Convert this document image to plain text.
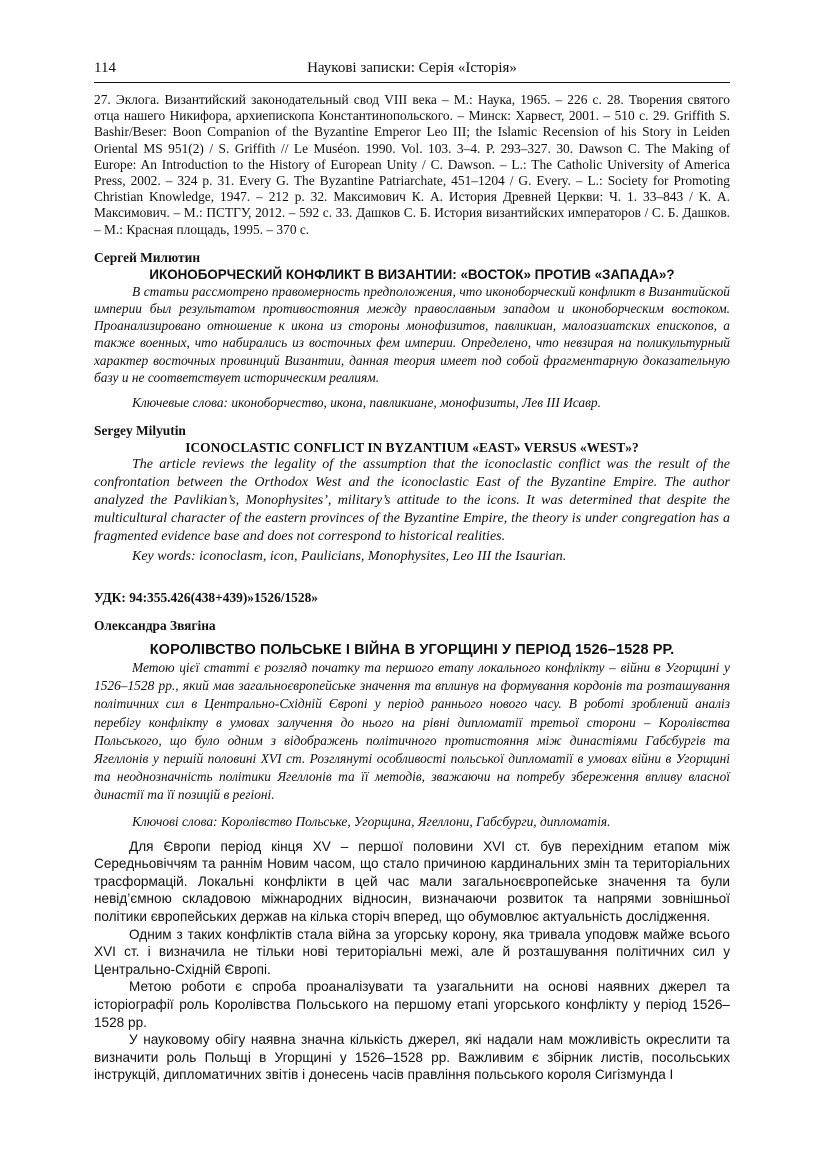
114	Наукові записки: Серія «Історія»
27. Эклога. Византийский законодательный свод VIII века – М.: Наука, 1965. – 226 с. 28. Творения святого отца нашего Никифора, архиепископа Константинопольского. – Минск: Харвест, 2001. – 510 с. 29. Griffith S. Bashir/Beser: Boon Companion of the Byzantine Emperor Leo III; the Islamic Recension of his Story in Leiden Oriental MS 951(2) / S. Griffith // Le Muséon. 1990. Vol. 103. 3–4. P. 293–327. 30. Dawson C. The Making of Europe: An Introduction to the History of European Unity / C. Dawson. – L.: The Catholic University of America Press, 2002. – 324 p. 31. Every G. The Byzantine Patriarchate, 451–1204 / G. Every. – L.: Society for Promoting Christian Knowledge, 1947. – 212 p. 32. Максимович К. А. История Древней Церкви: Ч. 1. 33–843 / К. А. Максимович. – М.: ПСТГУ, 2012. – 592 с. 33. Дашков С. Б. История византийских императоров / С. Б. Дашков. – М.: Красная площадь, 1995. – 370 с.
Сергей Милютин
ИКОНОБОРЧЕСКИЙ КОНФЛИКТ В ВИЗАНТИИ: «ВОСТОК» ПРОТИВ «ЗАПАДА»?

В статьи рассмотрено правомерность предположения, что иконоборческий конфликт в Византийской империи был результатом противостояния между православным западом и иконоборческим востоком. Проанализировано отношение к икона из стороны монофизитов, павликиан, малоазиатских епископов, а также военных, что набирались из восточных фем империи. Определено, что невзирая на поликультурный характер восточных провинций Византии, данная теория имеет под собой фрагментарную доказательную базу и не соответствует историческим реалиям.

Ключевые слова: иконоборчество, икона, павликиане, монофизиты, Лев III Исавр.
Sergey Milyutin
ICONOCLASTIC CONFLICT IN BYZANTIUM «EAST» VERSUS «WEST»?

The article reviews the legality of the assumption that the iconoclastic conflict was the result of the confrontation between the Orthodox West and the iconoclastic East of the Byzantine Empire. The author analyzed the Pavlikian’s, Monophysites’, military’s attitude to the icons. It was determined that despite the multicultural character of the eastern provinces of the Byzantine Empire, the theory is under congregation has a fragmented evidence base and does not correspond to historical realities.

Key words: iconoclasm, icon, Paulicians, Monophysites, Leo III the Isaurian.
УДК: 94:355.426(438+439)»1526/1528»
Олександра Звягіна
КОРОЛІВСТВО ПОЛЬСЬКЕ І ВІЙНА В УГОРЩИНІ У ПЕРІОД 1526–1528 РР.

Метою цієї статті є розгляд початку та першого етапу локального конфлікту – війни в Угорщині у 1526–1528 рр., який мав загальноєвропейське значення та вплинув на формування кордонів та розташування політичних сил в Центрально-Східній Європі у період раннього нового часу. В роботі зроблений аналіз перебігу конфлікту в умовах залучення до нього на рівні дипломатії третьої сторони – Королівства Польського, що було одним з відображень політичного протистояння між династіями Габсбургів та Ягеллонів у першій половині XVI ст. Розглянуті особливості польської дипломатії в умовах війни в Угорщині та неоднозначність політики Ягеллонів та її методів, зважаючи на потребу збереження впливу власної династії та її позицій в регіоні.

Ключові слова: Королівство Польське, Угорщина, Ягеллони, Габсбурги, дипломатія.

Для Європи період кінця XV – першої половини XVI ст. був перехідним етапом між Середньовіччям та раннім Новим часом, що стало причиною кардинальних змін та територіальних трасформацій. Локальні конфлікти в цей час мали загальноєвропейське значення та були невід’ємною складовою міжнародних відносин, визначаючи розвиток та напрями зовнішньої політики європейських держав на кілька сторіч вперед, що обумовлює актуальність дослідження.

Одним з таких конфліктів стала війна за угорську корону, яка тривала уподовж майже всього XVI ст. і визначила не тільки нові територіальні межі, але й розташування політичних сил у Центрально-Східній Європі.

Метою роботи є спроба проаналізувати та узагальнити на основі наявних джерел та історіографії роль Королівства Польського на першому етапі угорського конфлікту у період 1526–1528 рр.

У науковому обігу наявна значна кількість джерел, які надали нам можливість окреслити та визначити роль Польщі в Угорщині у 1526–1528 рр. Важливим є збірник листів, посольських інструкцій, дипломатичних звітів і донесень часів правління польського короля Сигізмунда І
